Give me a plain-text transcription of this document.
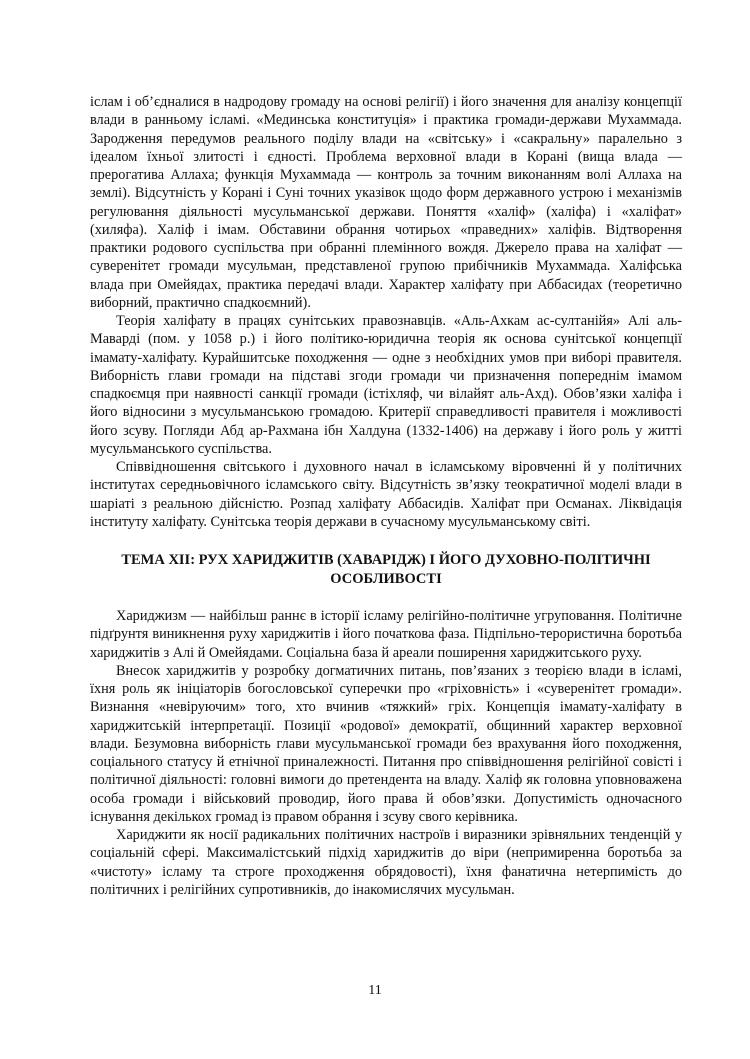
іслам і об’єдналися в надродову громаду на основі релігії) і його значення для аналізу концепції влади в ранньому ісламі. «Мединська конституція» і практика громади-держави Мухаммада. Зародження передумов реального поділу влади на «світську» і «сакральну» паралельно з ідеалом їхньої злитості і єдності. Проблема верховної влади в Корані (вища влада — прерогатива Аллаха; функція Мухаммада — контроль за точним виконанням волі Аллаха на землі). Відсутність у Корані і Суні точних указівок щодо форм державного устрою і механізмів регулювання діяльності мусульманської держави. Поняття «халіф» (халіфа) і «халіфат» (хиляфа). Халіф і імам. Обставини обрання чотирьох «праведних» халіфів. Відтворення практики родового суспільства при обранні племінного вождя. Джерело права на халіфат — суверенітет громади мусульман, представленої групою прибічників Мухаммада. Халіфська влада при Омейядах, практика передачі влади. Характер халіфату при Аббасидах (теоретично виборний, практично спадкоємний).

Теорія халіфату в працях сунітських правознавців. «Аль-Ахкам ас-султанійя» Алі аль-Маварді (пом. у 1058 р.) і його політико-юридична теорія як основа сунітської концепції імамату-халіфату. Курайшитське походження — одне з необхідних умов при виборі правителя. Виборність глави громади на підставі згоди громади чи призначення попереднім імамом спадкоємця при наявності санкції громади (істіхляф, чи вілайят аль-Ахд). Обов’язки халіфа і його відносини з мусульманською громадою. Критерії справедливості правителя і можливості його зсуву. Погляди Абд ар-Рахмана ібн Халдуна (1332-1406) на державу і його роль у житті мусульманського суспільства.

Співвідношення світського і духовного начал в ісламському віровченні й у політичних інститутах середньовічного ісламського світу. Відсутність зв’язку теократичної моделі влади в шаріаті з реальною дійсністю. Розпад халіфату Аббасидів. Халіфат при Османах. Ліквідація інституту халіфату. Сунітська теорія держави в сучасному мусульманському світі.

ТЕМА ХІІ: РУХ ХАРИДЖИТІВ (ХАВАРІДЖ) І ЙОГО ДУХОВНО-ПОЛІТИЧНІ ОСОБЛИВОСТІ

Хариджизм — найбільш раннє в історії ісламу релігійно-політичне угруповання. Політичне підґрунтя виникнення руху хариджитів і його початкова фаза. Підпільно-терористична боротьба хариджитів з Алі й Омейядами. Соціальна база й ареали поширення хариджитського руху.

Внесок хариджитів у розробку догматичних питань, пов’язаних з теорією влади в ісламі, їхня роль як ініціаторів богословської суперечки про «гріховність» і «суверенітет громади». Визнання «невіруючим» того, хто вчинив «тяжкий» гріх. Концепція імамату-халіфату в хариджитській інтерпретації. Позиції «родової» демократії, общинний характер верховної влади. Безумовна виборність глави мусульманської громади без врахування його походження, соціального статусу й етнічної приналежності. Питання про співвідношення релігійної совісті і політичної діяльності: головні вимоги до претендента на владу. Халіф як головна уповноважена особа громади і військовий проводир, його права й обов’язки. Допустимість одночасного існування декількох громад із правом обрання і зсуву свого керівника.

Хариджити як носії радикальних політичних настроїв і виразники зрівняльних тенденцій у соціальній сфері. Максималістський підхід хариджитів до віри (непримиренна боротьба за «чистоту» ісламу та строге проходження обрядовості), їхня фанатична нетерпимість до політичних і релігійних супротивників, до інакомислячих мусульман.

11
